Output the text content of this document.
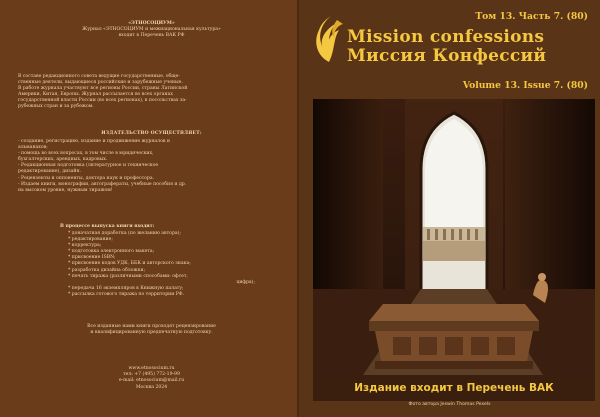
«ЭТНОСОЦИУМ»
Журнал «ЭТНОСОЦИУМ и межнациональная культура»
входит в Перечень ВАК РФ
В составе редакционного совета ведущие государственные, обще-
ственные деятели, выдающиеся российские и зарубежные ученые.
В работе журнала участвуют все регионы России, страны Латинской
Америки, Китая, Европы. Журнал рассылается во всех органах
государственной власти России (во всех регионах), в посольствах за-
рубежных стран и за рубежом.
ИЗДАТЕЛЬСТВО ОСУЩЕСТВЛЯЕТ:
- создание, регистрацию, издание и продвижение журналов и
альманахов;
- помощь во всех вопросах, в том числе в юридических,
бухгалтерских, арендных, кадровых.
- Редакционная подготовка (литературное и техническое
редактирование), дизайн.
- Рецензенты и оппоненты, доктора наук и профессора.
- Издаем книги, монографии, автографераты, учебные пособия и др.
на высоком уровне, нужным тиражом!
В процессе выпуска книги входит:
* доначатная доработка (по желанию автора);
* редактирование;
* корректура;
* подготовка электронного макета;
* присвоение ISBN;
* присвоение кодов УДК, ББК и авторского знака;
* разработка дизайна обложки;
* печать тиража (различными способами: офсет,
цифра);
* передача 16 экземпляров в Книжную палату;
* рассылка готового тиража по территории РФ.
Все изданные нами книги проходят рецензирование
и квалифицированную предпечатную подготовку.
www.etnosocium.ru
тел: +7 (495) 772-19-99
e-mail: etnosocium@mail.ru
Москва 2024
Том 13. Часть 7. (80)
Mission confessions
Миссия Конфессий
Volume 13. Issue 7. (80)
Издание входит в Перечень ВАК
Фото автора Jeswin Thomas Pexels
